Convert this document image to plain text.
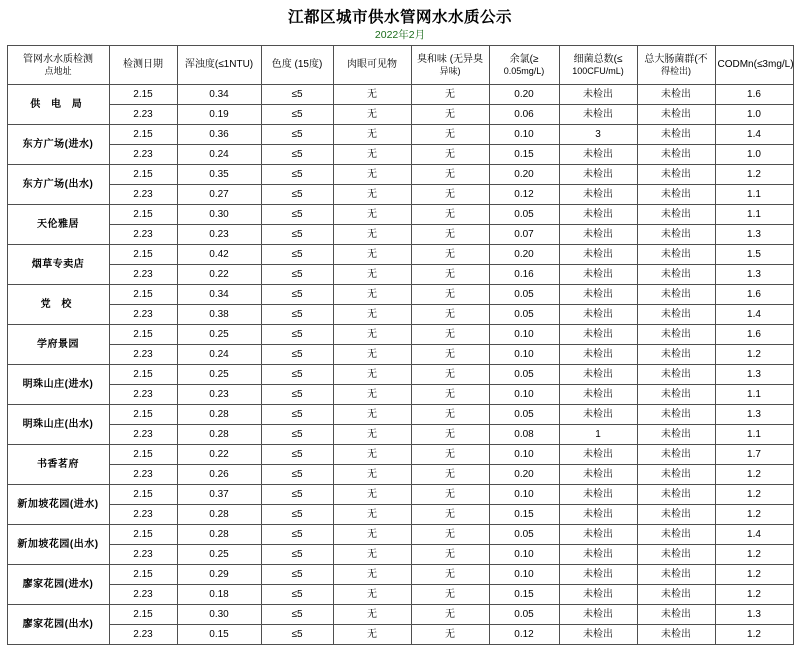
江都区城市供水管网水水质公示
2022年2月
管网水水质检测
点地址	检测日期	浑浊度(≤1NTU)	色度 (15度)	肉眼可见物	臭和味 (无异臭
异味)	余氯(≥
0.05mg/L)	细菌总数(≤
100CFU/mL)	总大肠菌群(不
得检出)	CODMn(≤3mg/L)
供 电 局	2.15	0.34	≤5	无	无	0.20	未检出	未检出	1.6
	2.23	0.19	≤5	无	无	0.06	未检出	未检出	1.0
东方广场(进水)	2.15	0.36	≤5	无	无	0.10	3	未检出	1.4
	2.23	0.24	≤5	无	无	0.15	未检出	未检出	1.0
东方广场(出水)	2.15	0.35	≤5	无	无	0.20	未检出	未检出	1.2
	2.23	0.27	≤5	无	无	0.12	未检出	未检出	1.1
天伦雅居	2.15	0.30	≤5	无	无	0.05	未检出	未检出	1.1
	2.23	0.23	≤5	无	无	0.07	未检出	未检出	1.3
烟草专卖店	2.15	0.42	≤5	无	无	0.20	未检出	未检出	1.5
	2.23	0.22	≤5	无	无	0.16	未检出	未检出	1.3
党 校	2.15	0.34	≤5	无	无	0.05	未检出	未检出	1.6
	2.23	0.38	≤5	无	无	0.05	未检出	未检出	1.4
学府景园	2.15	0.25	≤5	无	无	0.10	未检出	未检出	1.6
	2.23	0.24	≤5	无	无	0.10	未检出	未检出	1.2
明珠山庄(进水)	2.15	0.25	≤5	无	无	0.05	未检出	未检出	1.3
	2.23	0.23	≤5	无	无	0.10	未检出	未检出	1.1
明珠山庄(出水)	2.15	0.28	≤5	无	无	0.05	未检出	未检出	1.3
	2.23	0.28	≤5	无	无	0.08	1	未检出	1.1
书香茗府	2.15	0.22	≤5	无	无	0.10	未检出	未检出	1.7
	2.23	0.26	≤5	无	无	0.20	未检出	未检出	1.2
新加坡花园(进水)	2.15	0.37	≤5	无	无	0.10	未检出	未检出	1.2
	2.23	0.28	≤5	无	无	0.15	未检出	未检出	1.2
新加坡花园(出水)	2.15	0.28	≤5	无	无	0.05	未检出	未检出	1.4
	2.23	0.25	≤5	无	无	0.10	未检出	未检出	1.2
廖家花园(进水)	2.15	0.29	≤5	无	无	0.10	未检出	未检出	1.2
	2.23	0.18	≤5	无	无	0.15	未检出	未检出	1.2
廖家花园(出水)	2.15	0.30	≤5	无	无	0.05	未检出	未检出	1.3
	2.23	0.15	≤5	无	无	0.12	未检出	未检出	1.2
